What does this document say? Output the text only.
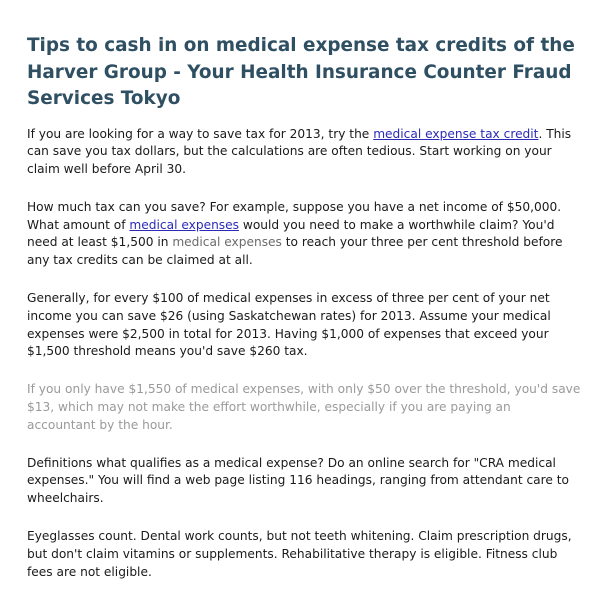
Tips to cash in on medical expense tax credits of the Harver Group - Your Health Insurance Counter Fraud Services Tokyo

If you are looking for a way to save tax for 2013, try the medical expense tax credit. This can save you tax dollars, but the calculations are often tedious. Start working on your claim well before April 30.

How much tax can you save? For example, suppose you have a net income of $50,000. What amount of medical expenses would you need to make a worthwhile claim? You'd need at least $1,500 in medical expenses to reach your three per cent threshold before any tax credits can be claimed at all.

Generally, for every $100 of medical expenses in excess of three per cent of your net income you can save $26 (using Saskatchewan rates) for 2013. Assume your medical expenses were $2,500 in total for 2013. Having $1,000 of expenses that exceed your $1,500 threshold means you'd save $260 tax.

If you only have $1,550 of medical expenses, with only $50 over the threshold, you'd save $13, which may not make the effort worthwhile, especially if you are paying an accountant by the hour.

Definitions what qualifies as a medical expense? Do an online search for "CRA medical expenses." You will find a web page listing 116 headings, ranging from attendant care to wheelchairs.

Eyeglasses count. Dental work counts, but not teeth whitening. Claim prescription drugs, but don't claim vitamins or supplements. Rehabilitative therapy is eligible. Fitness club fees are not eligible.
